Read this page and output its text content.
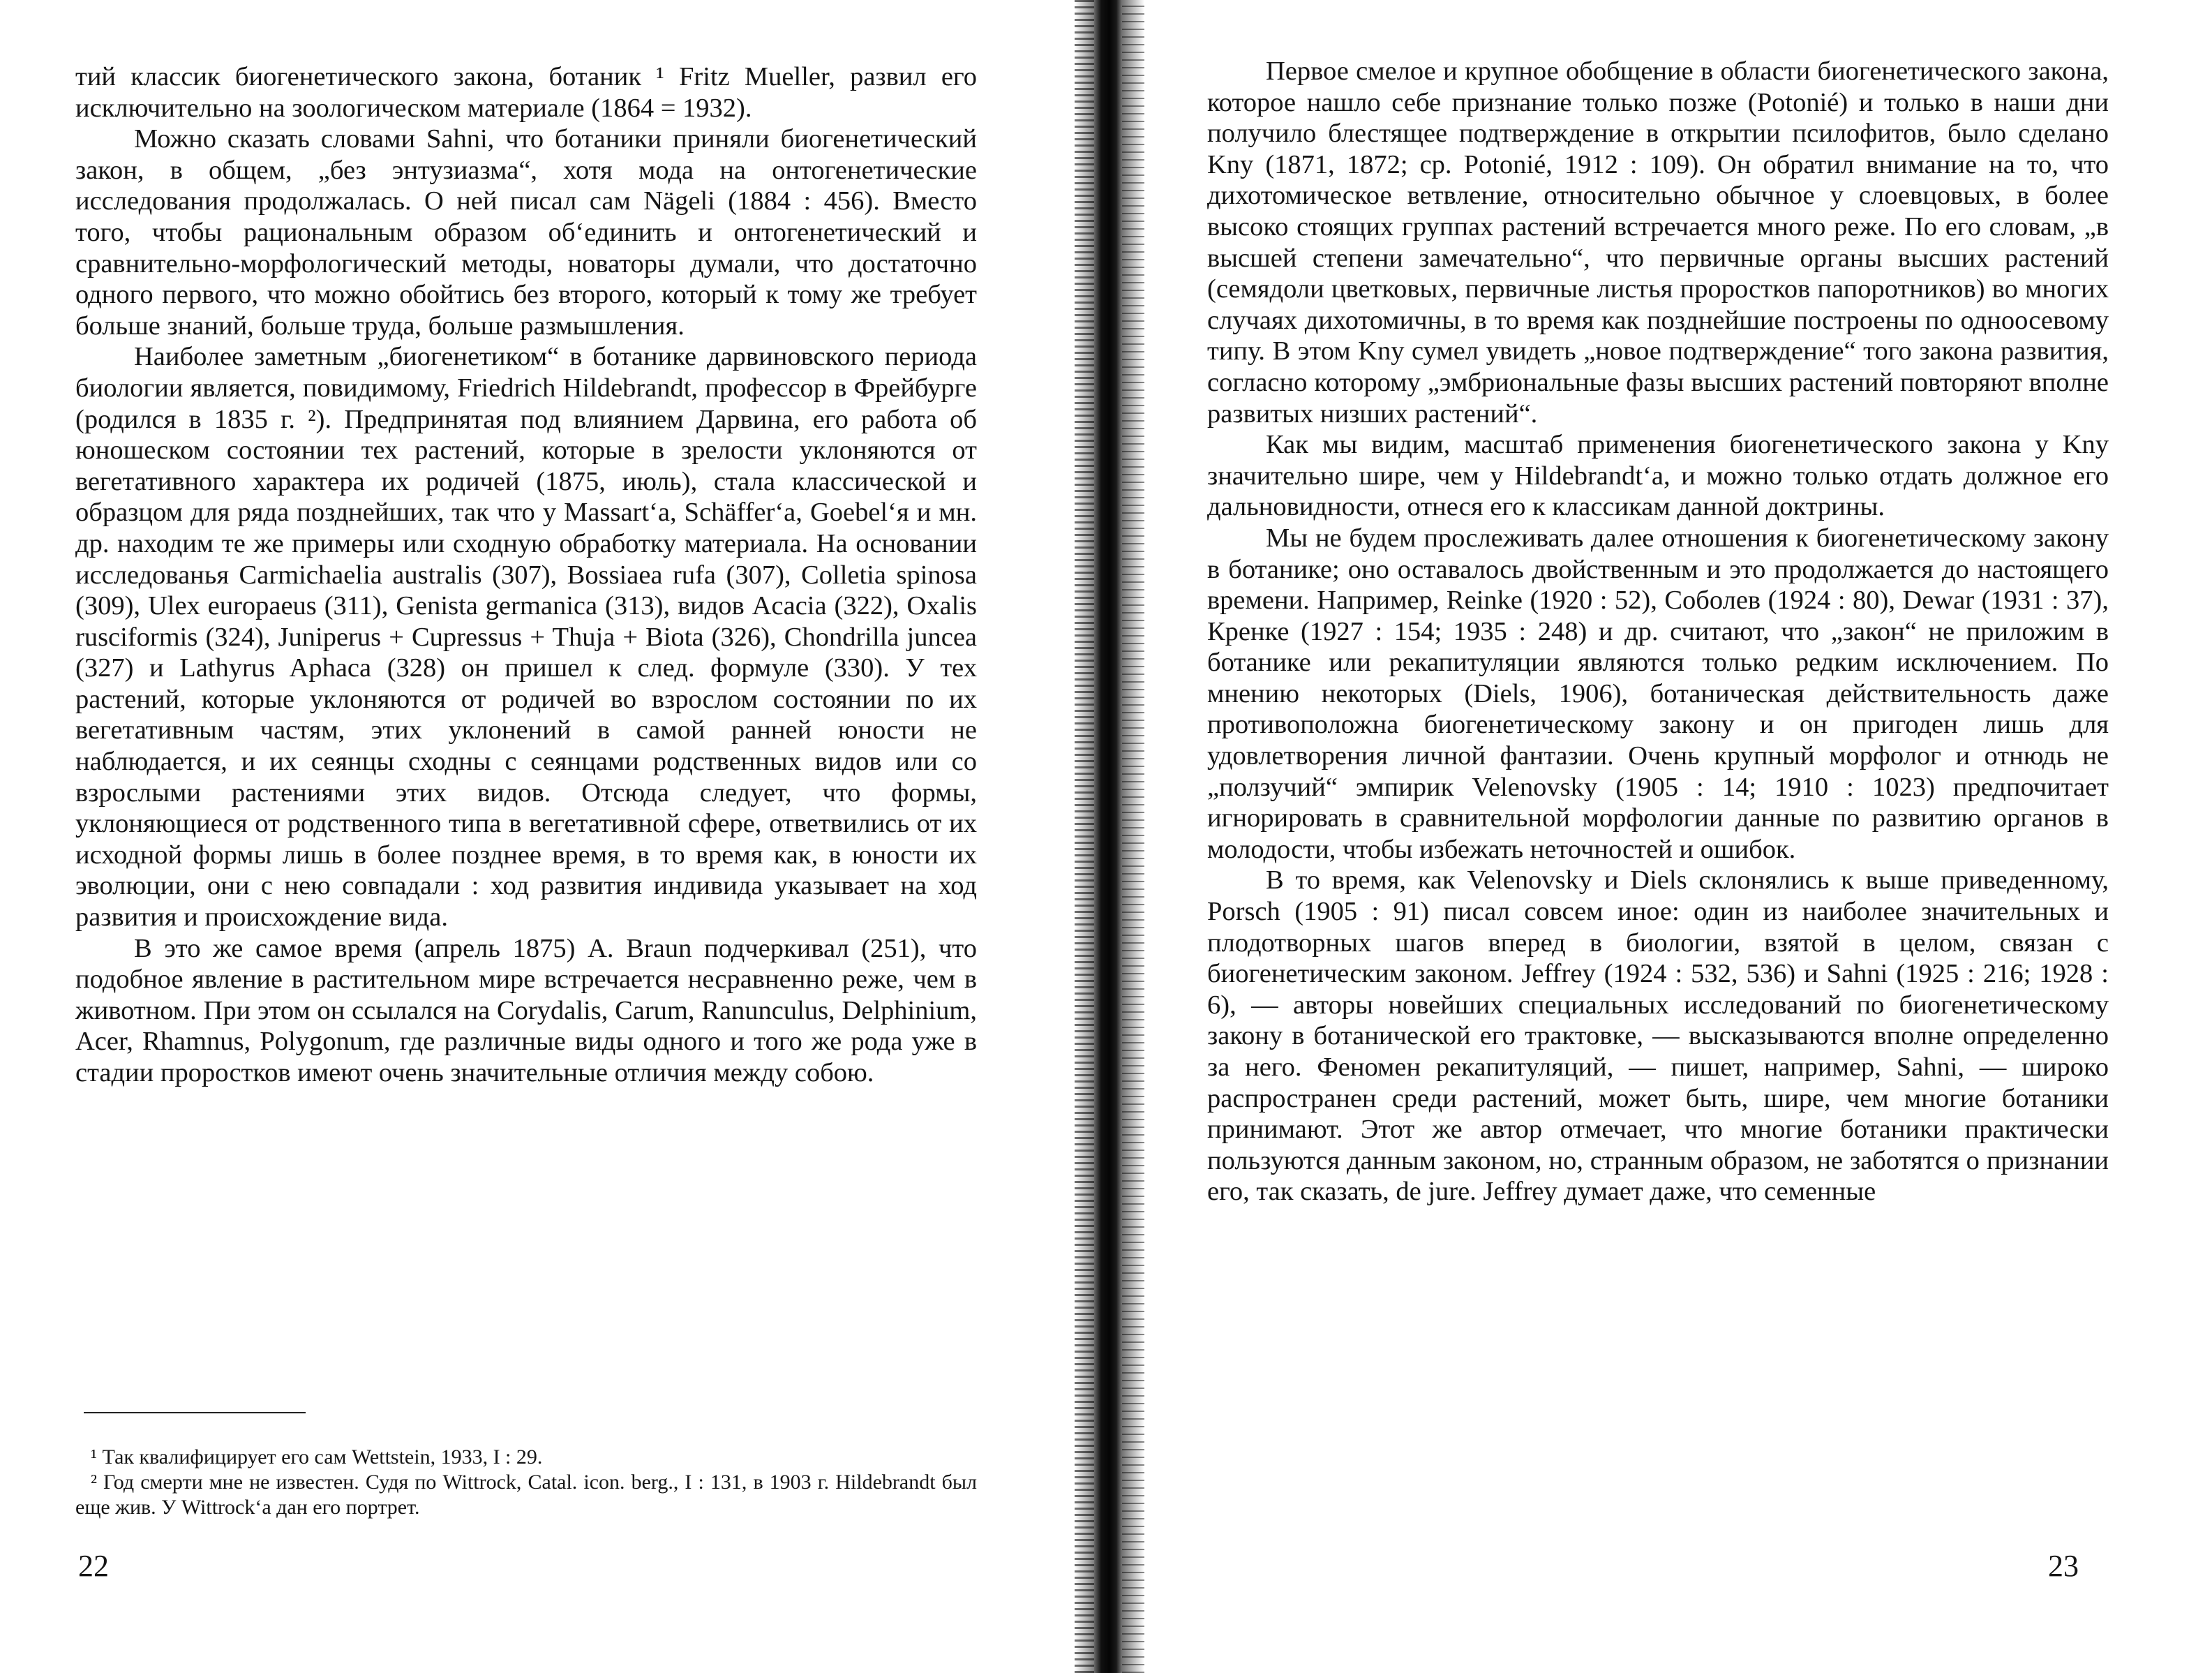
тий классик биогенетического закона, ботаник ¹ Fritz Mueller, развил его исключительно на зоологическом материале (1864 = 1932).

Можно сказать словами Sahni, что ботаники приняли биогенетический закон, в общем, „без энтузиазма“, хотя мода на онтогенетические исследования продолжалась. О ней писал сам Nägeli (1884 : 456). Вместо того, чтобы рациональным образом об‘единить и онтогенетический и сравнительно-морфологический методы, новаторы думали, что достаточно одного первого, что можно обойтись без второго, который к тому же требует больше знаний, больше труда, больше размышления.

Наиболее заметным „биогенетиком“ в ботанике дарвиновского периода биологии является, повидимому, Friedrich Hildebrandt, профессор в Фрейбурге (родился в 1835 г. ²). Предпринятая под влиянием Дарвина, его работа об юношеском состоянии тех растений, которые в зрелости уклоняются от вегетативного характера их родичей (1875, июль), стала классической и образцом для ряда позднейших, так что у Massart‘a, Schäffer‘a, Goebel‘я и мн. др. находим те же примеры или сходную обработку материала. На основании исследованья Carmichaelia australis (307), Bossiaea rufa (307), Colletia spinosa (309), Ulex europaeus (311), Genista germanica (313), видов Acacia (322), Oxalis rusciformis (324), Juniperus + Cupressus + Thuja + Biota (326), Chondrilla juncea (327) и Lathyrus Aphaca (328) он пришел к след. формуле (330). У тех растений, которые уклоняются от родичей во взрослом состоянии по их вегетативным частям, этих уклонений в самой ранней юности не наблюдается, и их сеянцы сходны с сеянцами родственных видов или со взрослыми растениями этих видов. Отсюда следует, что формы, уклоняющиеся от родственного типа в вегетативной сфере, ответвились от их исходной формы лишь в более позднее время, в то время как, в юности их эволюции, они с нею совпадали : ход развития индивида указывает на ход развития и происхождение вида.

В это же самое время (апрель 1875) A. Braun подчеркивал (251), что подобное явление в растительном мире встречается несравненно реже, чем в животном. При этом он ссылался на Corydalis, Carum, Ranunculus, Delphinium, Acer, Rhamnus, Polygonum, где различные виды одного и того же рода уже в стадии проростков имеют очень значительные отличия между собою.

¹ Так квалифицирует его сам Wettstein, 1933, I : 29.

² Год смерти мне не известен. Судя по Wittrock, Catal. icon. berg., I : 131, в 1903 г. Hildebrandt был еще жив. У Wittrock‘a дан его портрет.

22

Первое смелое и крупное обобщение в области биогенетического закона, которое нашло себе признание только позже (Potonié) и только в наши дни получило блестящее подтверждение в открытии псилофитов, было сделано Kny (1871, 1872; ср. Potonié, 1912 : 109). Он обратил внимание на то, что дихотомическое ветвление, относительно обычное у слоевцовых, в более высоко стоящих группах растений встречается много реже. По его словам, „в высшей степени замечательно“, что первичные органы высших растений (семядоли цветковых, первичные листья проростков папоротников) во многих случаях дихотомичны, в то время как позднейшие построены по одноосевому типу. В этом Kny сумел увидеть „новое подтверждение“ того закона развития, согласно которому „эмбриональные фазы высших растений повторяют вполне развитых низших растений“.

Как мы видим, масштаб применения биогенетического закона у Kny значительно шире, чем у Hildebrandt‘a, и можно только отдать должное его дальновидности, отнеся его к классикам данной доктрины.

Мы не будем прослеживать далее отношения к биогенетическому закону в ботанике; оно оставалось двойственным и это продолжается до настоящего времени. Например, Reinke (1920 : 52), Соболев (1924 : 80), Dewar (1931 : 37), Кренке (1927 : 154; 1935 : 248) и др. считают, что „закон“ не приложим в ботанике или рекапитуляции являются только редким исключением. По мнению некоторых (Diels, 1906), ботаническая действительность даже противоположна биогенетическому закону и он пригоден лишь для удовлетворения личной фантазии. Очень крупный морфолог и отнюдь не „ползучий“ эмпирик Velenovsky (1905 : 14; 1910 : 1023) предпочитает игнорировать в сравнительной морфологии данные по развитию органов в молодости, чтобы избежать неточностей и ошибок.

В то время, как Velenovsky и Diels склонялись к выше приведенному, Porsch (1905 : 91) писал совсем иное: один из наиболее значительных и плодотворных шагов вперед в биологии, взятой в целом, связан с биогенетическим законом. Jeffrey (1924 : 532, 536) и Sahni (1925 : 216; 1928 : 6), — авторы новейших специальных исследований по биогенетическому закону в ботанической его трактовке, — высказываются вполне определенно за него. Феномен рекапитуляций, — пишет, например, Sahni, — широко распространен среди растений, может быть, шире, чем многие ботаники принимают. Этот же автор отмечает, что многие ботаники практически пользуются данным законом, но, странным образом, не заботятся о признании его, так сказать, de jure. Jeffrey думает даже, что семенные

23
